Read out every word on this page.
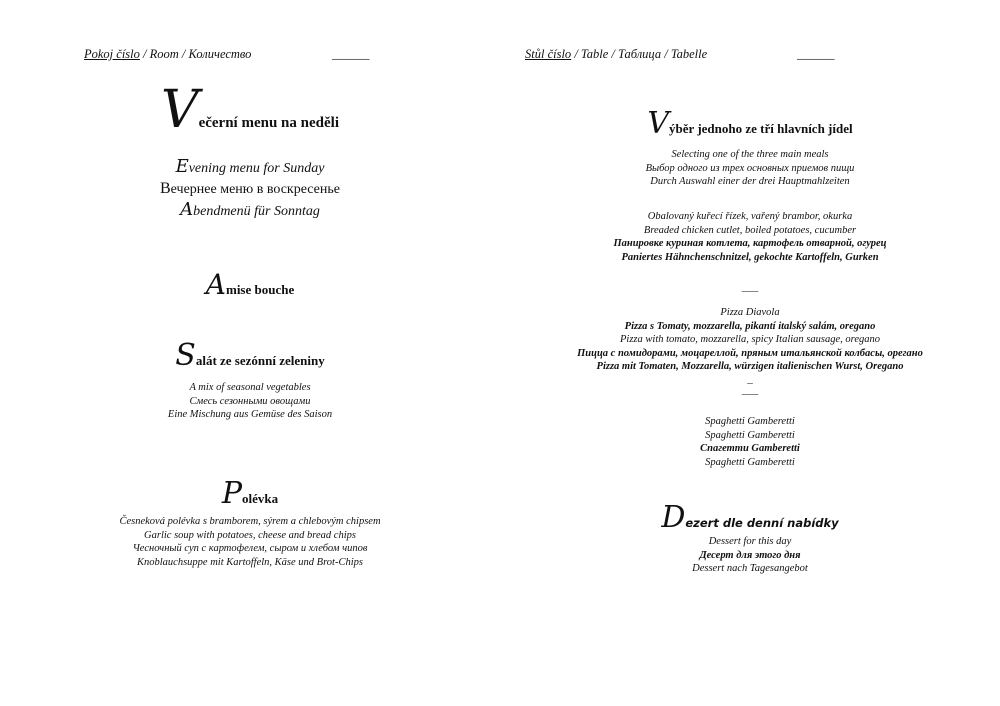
Pokoj číslo / Room / Количество	______
Večerní menu na neděli
Evening menu for Sunday
Bечернее меню в воскресенье
Abendmenü für Sonntag
Amise bouche
Salát ze sezónní zeleniny
A mix of seasonal vegetables
Смесь сезонными овощами
Eine Mischung aus Gemüse des Saison
Polévka
Česneková polévka s bramborem, sýrem a chlebovým chipsem
Garlic soup with potatoes, cheese and bread chips
Чесночный суп с картофелем, сыром и хлебом чипов
Knoblauchsuppe mit Kartoffeln, Käse und Brot-Chips
Stůl číslo / Table / Таблица / Tabelle	______
Výběr jednoho ze tří hlavních jídel
Selecting one of the three main meals
Выбор одного из трех основных приемов пищи
Durch Auswahl einer der drei Hauptmahlzeiten
Obalovaný kuřecí řízek, vařený brambor, okurka
Breaded chicken cutlet, boiled potatoes, cucumber
Панировке куриная котлета, картофель отварной, огурец
Paniertes Hähnchenschnitzel, gekochte Kartoffeln, Gurken
___
Pizza Diavola
Pizza s Tomaty, mozzarella, pikantí italský salám, oregano
Pizza with tomato, mozzarella, spicy Italian sausage, oregano
Пицца с помидорами, моцареллой, пряным итальянской колбасы, орегано
Pizza mit Tomaten, Mozzarella, würzigen italienischen Wurst, Oregano
_
___
Spaghetti Gamberetti
Spaghetti Gamberetti
Спагетти Gamberetti
Spaghetti Gamberetti
Dezert dle denní nabídky
Dessert for this day
Десерт для этого дня
Dessert nach Tagesangebot
